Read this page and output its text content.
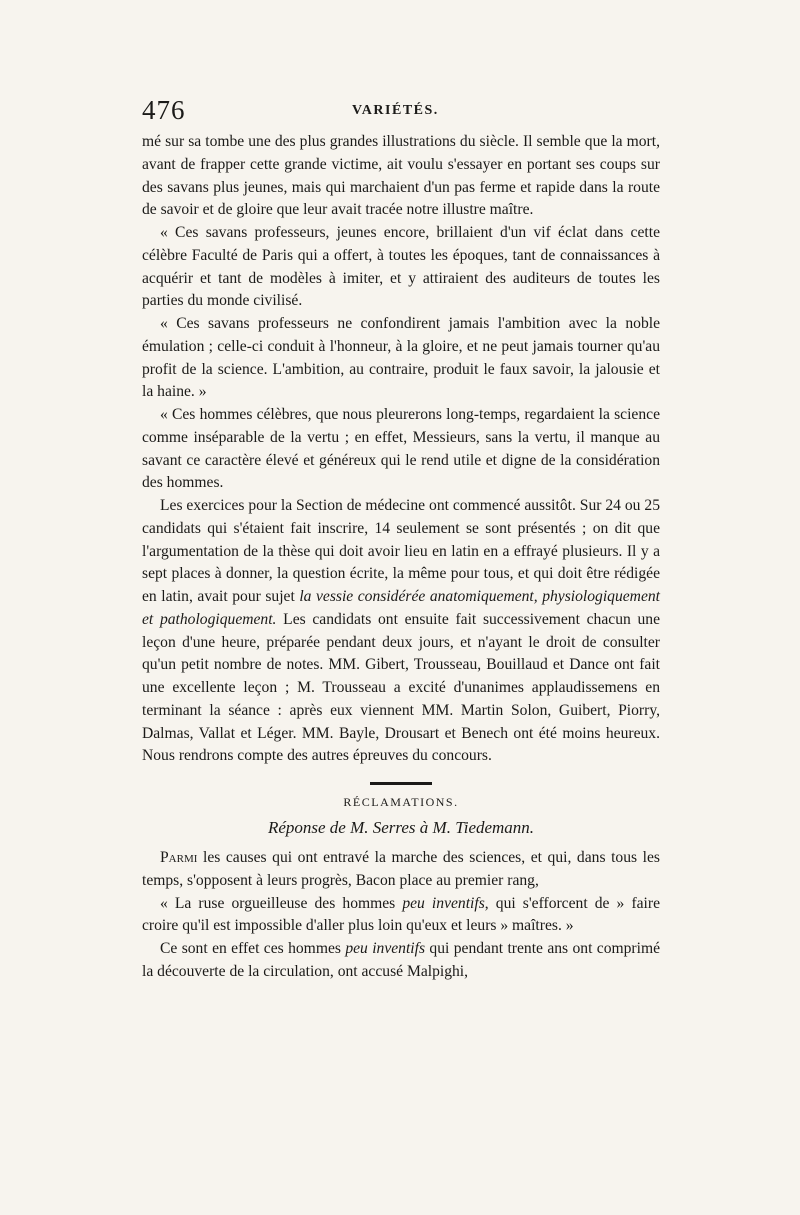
476	VARIÉTÉS.

mé sur sa tombe une des plus grandes illustrations du siècle. Il semble que la mort, avant de frapper cette grande victime, ait voulu s'essayer en portant ses coups sur des savans plus jeunes, mais qui marchaient d'un pas ferme et rapide dans la route de savoir et de gloire que leur avait tracée notre illustre maître.

« Ces savans professeurs, jeunes encore, brillaient d'un vif éclat dans cette célèbre Faculté de Paris qui a offert, à toutes les époques, tant de connaissances à acquérir et tant de modèles à imiter, et y attiraient des auditeurs de toutes les parties du monde civilisé.

« Ces savans professeurs ne confondirent jamais l'ambition avec la noble émulation ; celle-ci conduit à l'honneur, à la gloire, et ne peut jamais tourner qu'au profit de la science. L'ambition, au contraire, produit le faux savoir, la jalousie et la haine. »

« Ces hommes célèbres, que nous pleurerons long-temps, regardaient la science comme inséparable de la vertu ; en effet, Messieurs, sans la vertu, il manque au savant ce caractère élevé et généreux qui le rend utile et digne de la considération des hommes.

Les exercices pour la Section de médecine ont commencé aussitôt. Sur 24 ou 25 candidats qui s'étaient fait inscrire, 14 seulement se sont présentés ; on dit que l'argumentation de la thèse qui doit avoir lieu en latin en a effrayé plusieurs. Il y a sept places à donner, la question écrite, la même pour tous, et qui doit être rédigée en latin, avait pour sujet la vessie considérée anatomiquement, physiologiquement et pathologiquement. Les candidats ont ensuite fait successivement chacun une leçon d'une heure, préparée pendant deux jours, et n'ayant le droit de consulter qu'un petit nombre de notes. MM. Gibert, Trousseau, Bouillaud et Dance ont fait une excellente leçon ; M. Trousseau a excité d'unanimes applaudissemens en terminant la séance : après eux viennent MM. Martin Solon, Guibert, Piorry, Dalmas, Vallat et Léger. MM. Bayle, Drousart et Benech ont été moins heureux. Nous rendrons compte des autres épreuves du concours.

RÉCLAMATIONS.
Réponse de M. Serres à M. Tiedemann.

Parmi les causes qui ont entravé la marche des sciences, et qui, dans tous les temps, s'opposent à leurs progrès, Bacon place au premier rang,

« La ruse orgueilleuse des hommes peu inventifs, qui s'efforcent de » faire croire qu'il est impossible d'aller plus loin qu'eux et leurs » maîtres. »

Ce sont en effet ces hommes peu inventifs qui pendant trente ans ont comprimé la découverte de la circulation, ont accusé Malpighi,
